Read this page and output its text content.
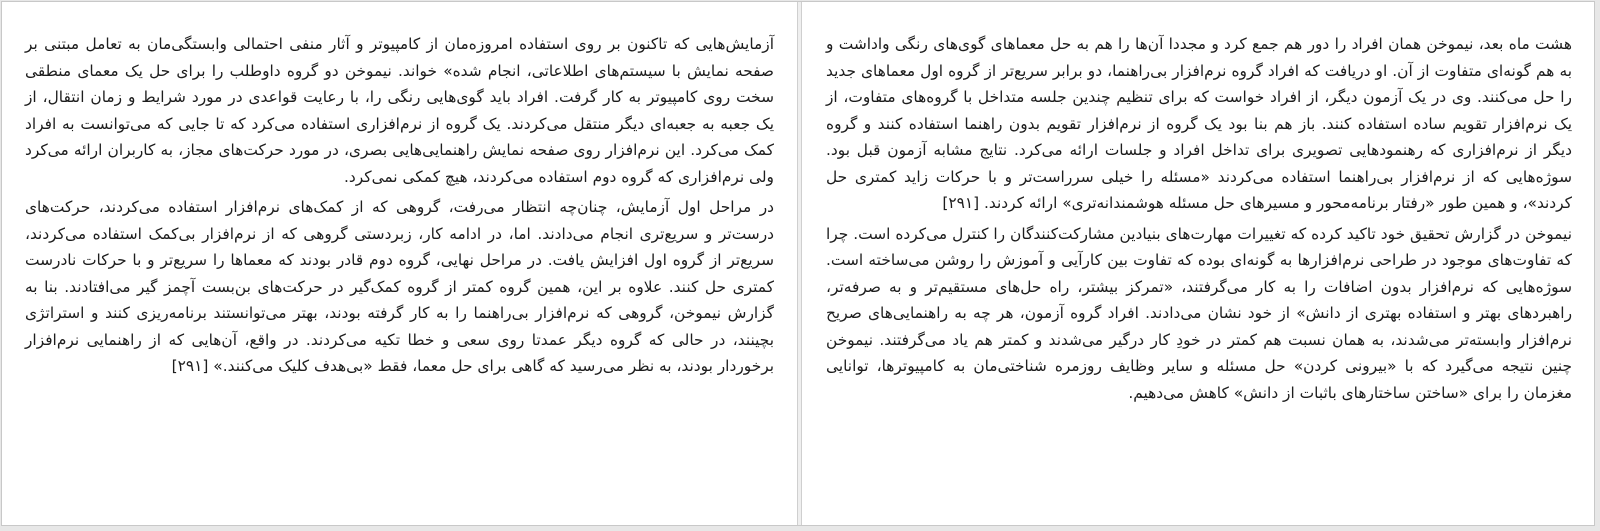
آزمایش‌هایی که تاکنون بر روی استفاده امروزه‌مان از کامپیوتر و آثار منفی احتمالی وابستگی‌مان به تعامل مبتنی بر صفحه نمایش با سیستم‌های اطلاعاتی، انجام شده» خواند. نیموخن دو گروه داوطلب را برای حل یک معمای منطقی سخت روی کامپیوتر به کار گرفت. افراد باید گوی‌هایی رنگی را، با رعایت قواعدی در مورد شرایط و زمان انتقال، از یک جعبه به جعبه‌ای دیگر منتقل می‌کردند. یک گروه از نرم‌افزاری استفاده می‌کرد که تا جایی که می‌توانست به افراد کمک می‌کرد. این نرم‌افزار روی صفحه نمایش راهنمایی‌هایی بصری، در مورد حرکت‌های مجاز، به کاربران ارائه می‌کرد ولی نرم‌افزاری که گروه دوم استفاده می‌کردند، هیچ کمکی نمی‌کرد.

در مراحل اول آزمایش، چنان‌چه انتظار می‌رفت، گروهی که از کمک‌های نرم‌افزار استفاده می‌کردند، حرکت‌های درست‌تر و سریع‌تری انجام می‌دادند. اما، در ادامه کار، زبردستی گروهی که از نرم‌افزار بی‌کمک استفاده می‌کردند، سریع‌تر از گروه اول افزایش یافت. در مراحل نهایی، گروه دوم قادر بودند که معماها را سریع‌تر و با حرکات نادرست کمتری حل کنند. علاوه بر این، همین گروه کمتر از گروه کمک‌گیر در حرکت‌های بن‌بست آچمز گیر می‌افتادند. بنا به گزارش نیموخن، گروهی که نرم‌افزار بی‌راهنما را به کار گرفته بودند، بهتر می‌توانستند برنامه‌ریزی کنند و استراتژی بچینند، در حالی که گروه دیگر عمدتا روی سعی و خطا تکیه می‌کردند. در واقع، آن‌هایی که از راهنمایی نرم‌افزار برخوردار بودند، به نظر می‌رسید که گاهی برای حل معما، فقط «بی‌هدف کلیک می‌کنند.» [۲۹۱]

هشت ماه بعد، نیموخن همان افراد را دور هم جمع کرد و مجددا آن‌ها را هم به حل معماهای گوی‌های رنگی واداشت و به هم گونه‌ای متفاوت از آن. او دریافت که افراد گروه نرم‌افزار بی‌راهنما، دو برابر سریع‌تر از گروه اول معماهای جدید را حل می‌کنند. وی در یک آزمون دیگر، از افراد خواست که برای تنظیم چندین جلسه متداخل با گروه‌های متفاوت، از یک نرم‌افزار تقویم ساده استفاده کنند. باز هم بنا بود یک گروه از نرم‌افزار تقویم بدون راهنما استفاده کنند و گروه دیگر از نرم‌افزاری که رهنمودهایی تصویری برای تداخل افراد و جلسات ارائه می‌کرد. نتایج مشابه آزمون قبل بود. سوژه‌هایی که از نرم‌افزار بی‌راهنما استفاده می‌کردند «مسئله را خیلی سرراست‌تر و با حرکات زاید کمتری حل کردند»، و همین طور «رفتار برنامه‌محور و مسیرهای حل مسئله هوشمندانه‌تری» ارائه کردند. [۲۹۱]

نیموخن در گزارش تحقیق خود تاکید کرده که تغییرات مهارت‌های بنیادین مشارکت‌کنندگان را کنترل می‌کرده است. چرا که تفاوت‌های موجود در طراحی نرم‌افزارها به گونه‌ای بوده که تفاوت بین کارآیی و آموزش را روشن می‌ساخته است. سوژه‌هایی که نرم‌افزار بدون اضافات را به کار می‌گرفتند، «تمرکز بیشتر، راه حل‌های مستقیم‌تر و به صرفه‌تر، راهبردهای بهتر و استفاده بهتری از دانش» از خود نشان می‌دادند. افراد گروه آزمون، هر چه به راهنمایی‌های صریح نرم‌افزار وابسته‌تر می‌شدند، به همان نسبت هم کمتر در خودِ کار درگیر می‌شدند و کمتر هم یاد می‌گرفتند. نیموخن چنین نتیجه می‌گیرد که با «بیرونی کردن» حل مسئله و سایر وظایف روزمره شناختی‌مان به کامپیوترها، توانایی مغزمان را برای «ساختن ساختارهای باثبات از دانش» کاهش می‌دهیم.
